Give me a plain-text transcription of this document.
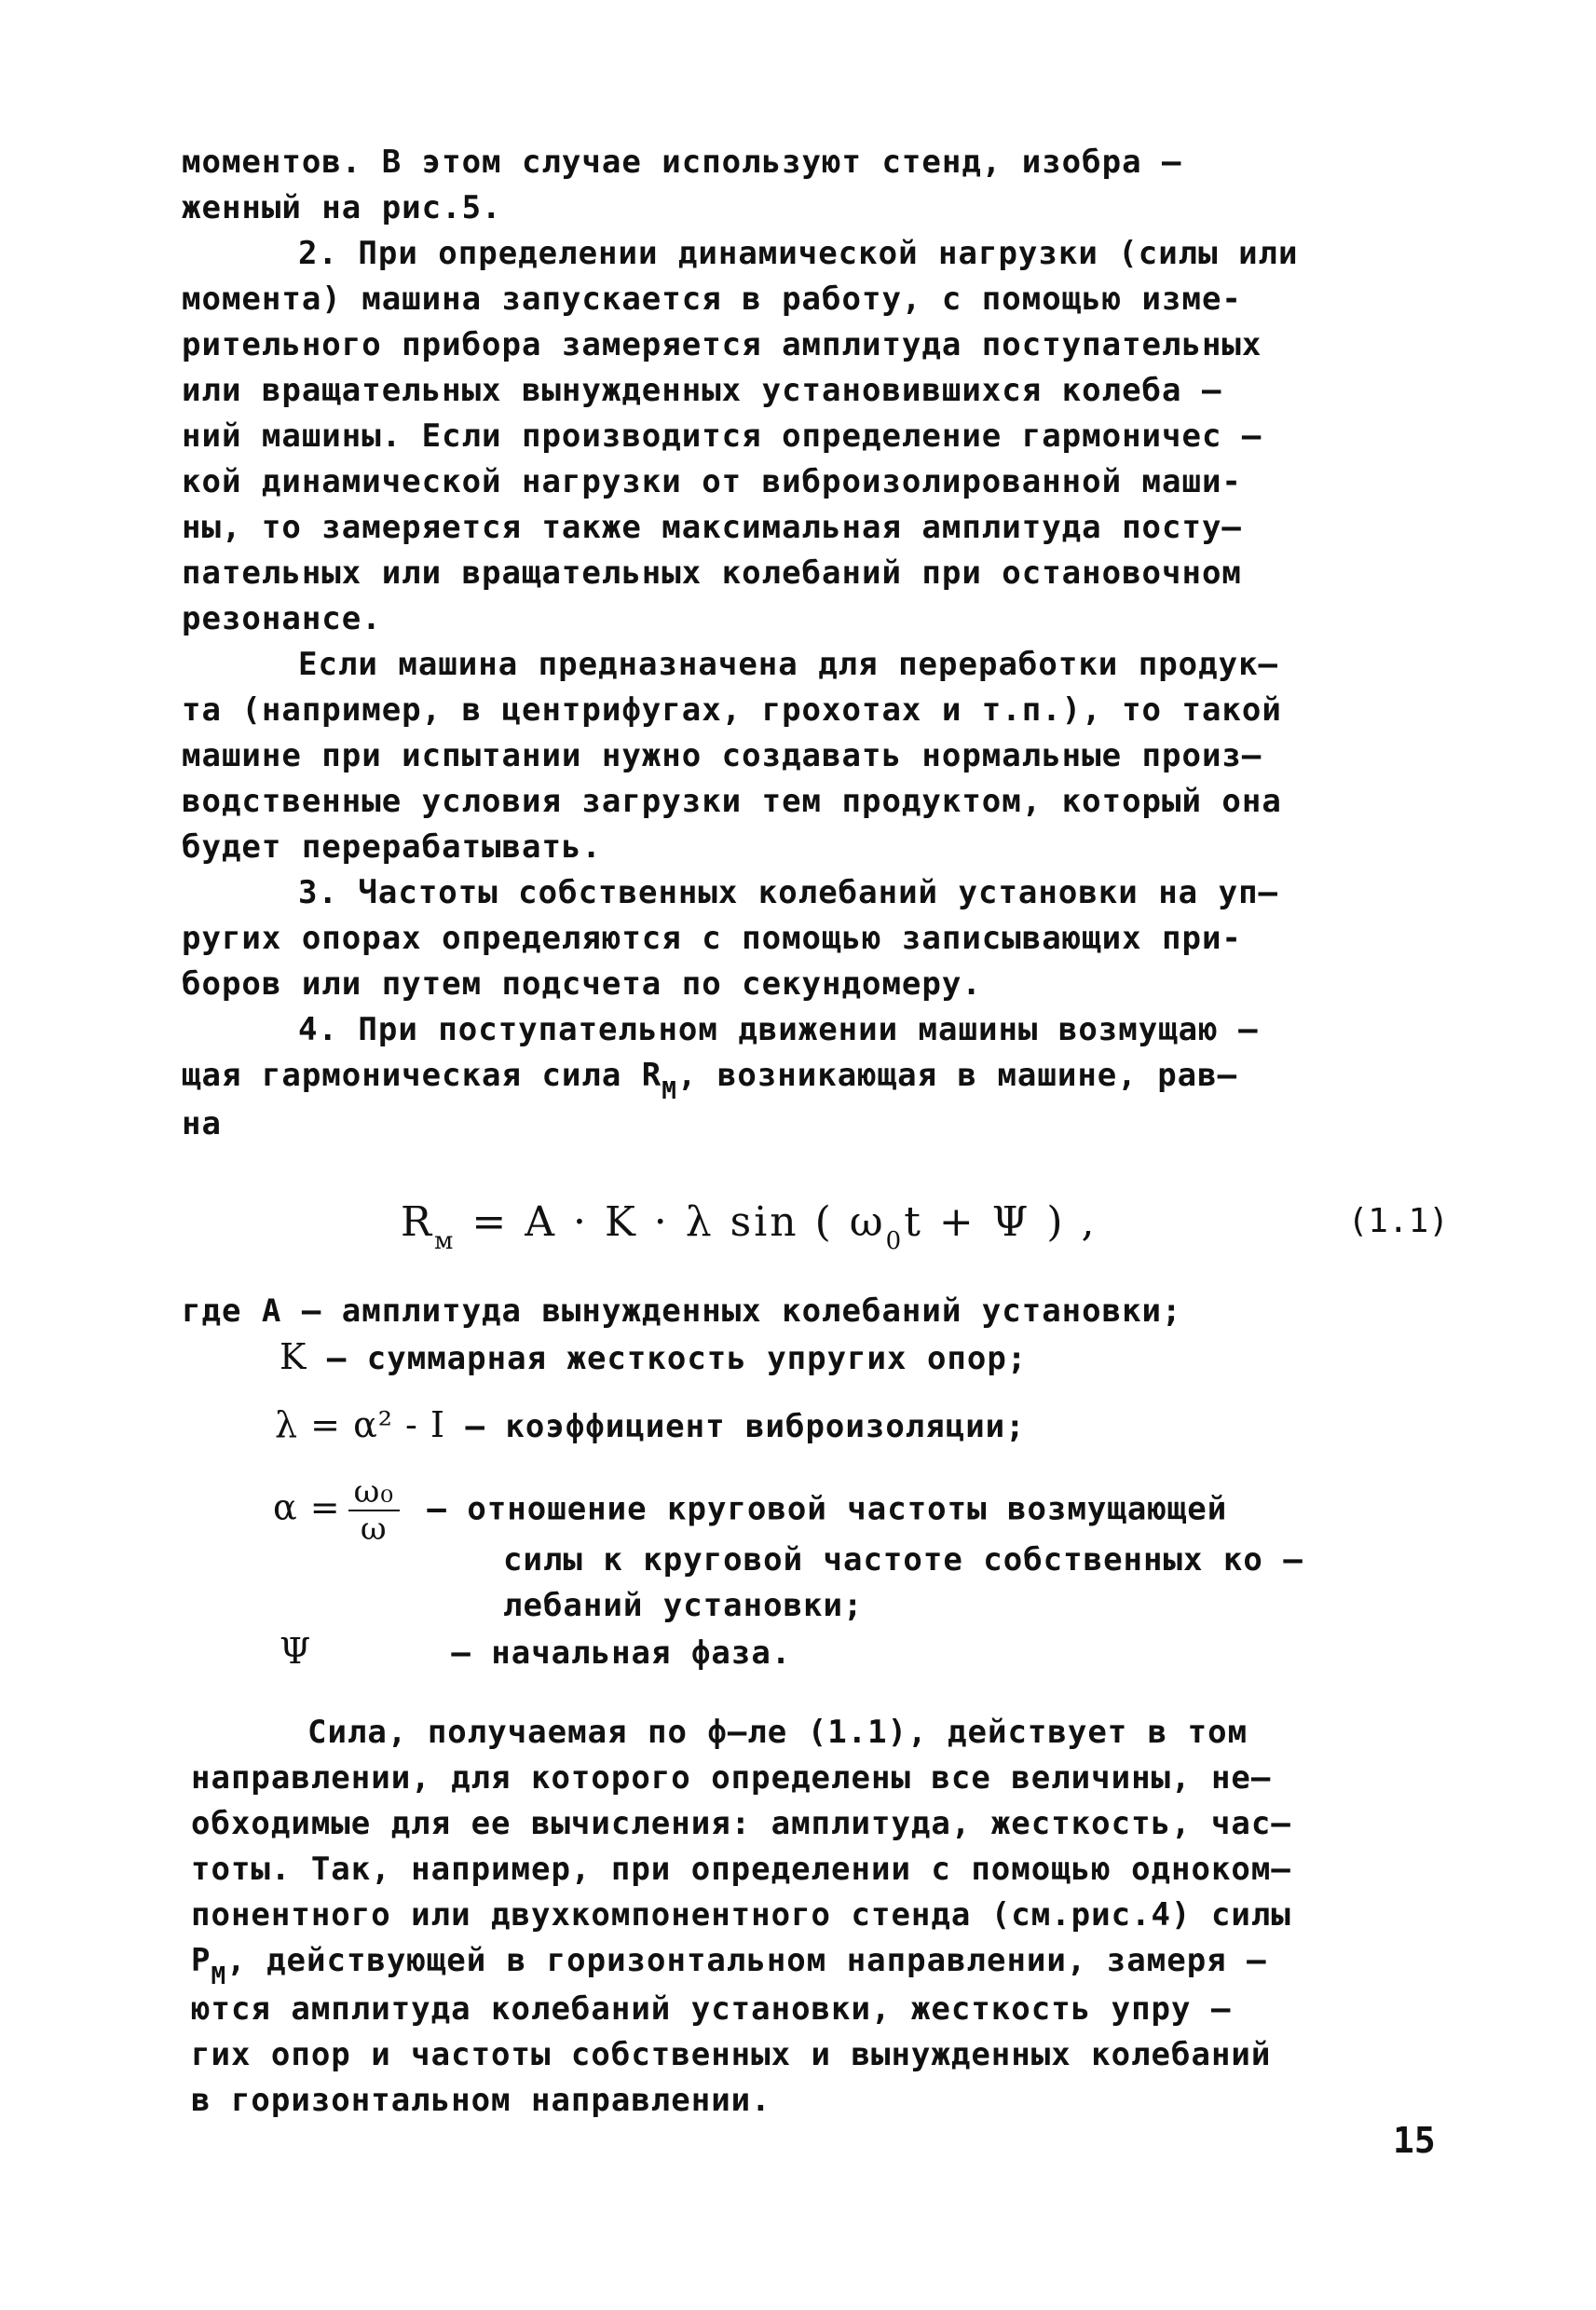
моментов. В этом случае используют стенд, изобра –
женный на рис.5.

2. При определении динамической нагрузки (силы или
момента) машина запускается в работу, с помощью изме-
рительного прибора замеряется амплитуда поступательных
или вращательных вынужденных установившихся колеба –
ний машины. Если производится определение гармоничес –
кой динамической нагрузки от виброизолированной маши-
ны, то замеряется также максимальная амплитуда посту–
пательных или вращательных колебаний при остановочном
резонансе.

Если машина предназначена для переработки продук–
та (например, в центрифугах, грохотах и т.п.), то такой
машине при испытании нужно создавать нормальные произ–
водственные условия загрузки тем продуктом, который она
будет перерабатывать.

3. Частоты собственных колебаний установки на уп–
ругих опорах определяются с помощью записывающих при-
боров или путем подсчета по секундомеру.

4. При поступательном движении машины возмущаю –
щая гармоническая сила $R_М$, возникающая в машине, рав–
на

$R_м = A \cdot K \cdot \lambda$ sin ( $\omega_0t + \Psi$ ) ,	(1.1)
где A – амплитуда вынужденных колебаний установки;
K – суммарная жесткость упругих опор;
λ = α² - I – коэффициент виброизоляции;
$\alpha = \frac{\text{ω₀}}{\omega}$ – отношение круговой частоты возмущающей
силы к круговой частоте собственных ко –
лебаний установки;
Ψ	– начальная фаза.

Сила, получаемая по ф–ле (1.1), действует в том
направлении, для которого определены все величины, не–
обходимые для ее вычисления: амплитуда, жесткость, час–
тоты. Так, например, при определении с помощью одноком–
понентного или двухкомпонентного стенда (см.рис.4) силы
$P_М$, действующей в горизонтальном направлении, замеря –
ются амплитуда колебаний установки, жесткость упру –
гих опор и частоты собственных и вынужденных колебаний
в горизонтальном направлении.

15
